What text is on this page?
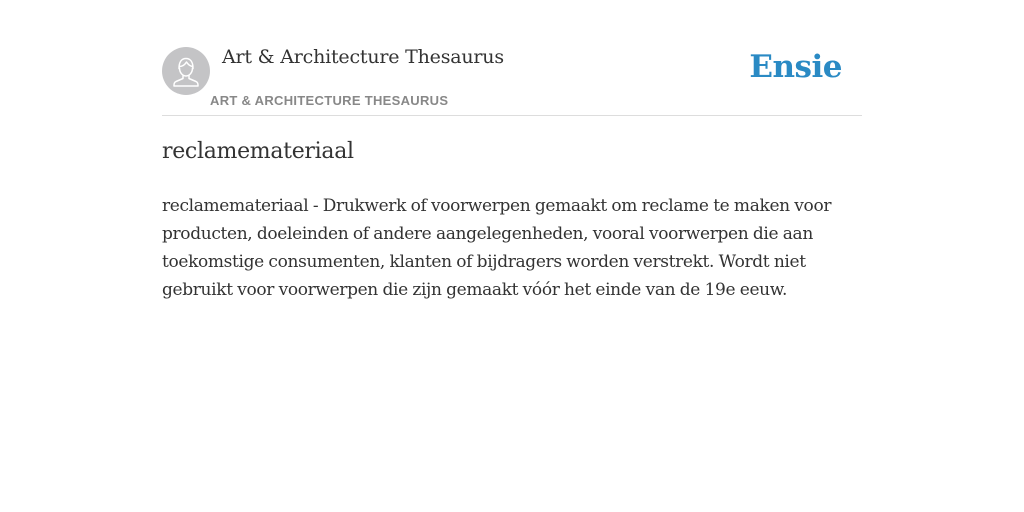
Art & Architecture Thesaurus
ART & ARCHITECTURE THESAURUS
Ensie
reclamemateriaal

reclamemateriaal - Drukwerk of voorwerpen gemaakt om reclame te maken voor producten, doeleinden of andere aangelegenheden, vooral voorwerpen die aan toekomstige consumenten, klanten of bijdragers worden verstrekt. Wordt niet gebruikt voor voorwerpen die zijn gemaakt vóór het einde van de 19e eeuw.
